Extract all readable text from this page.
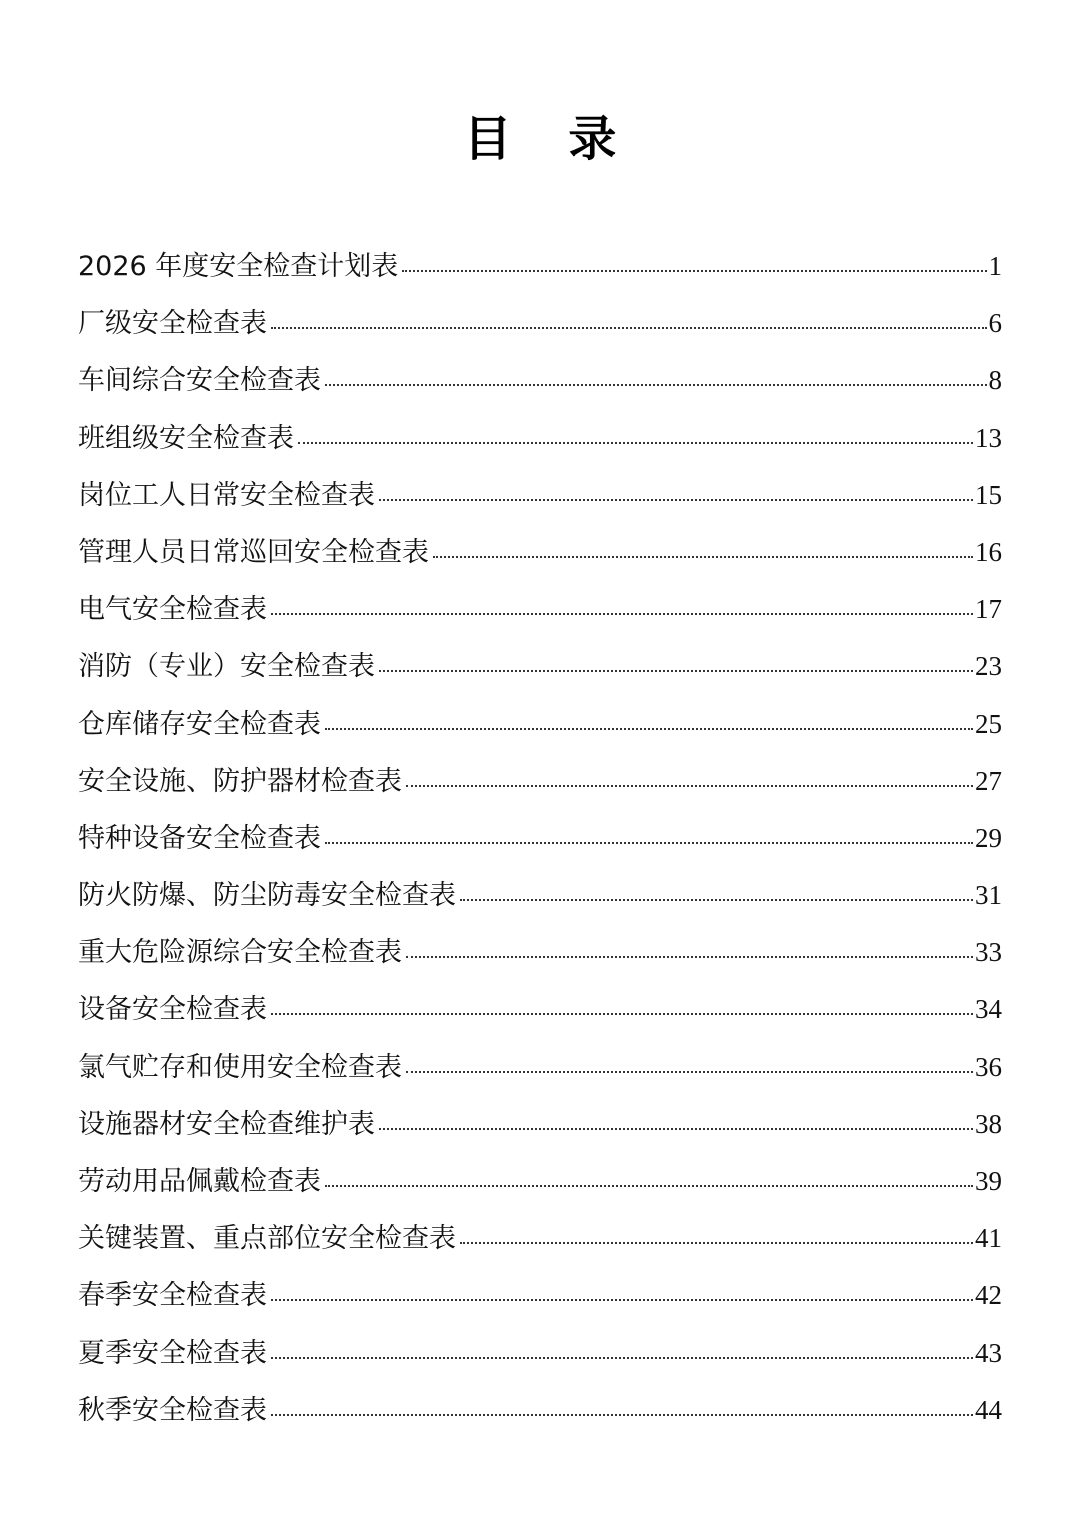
目 录
2026 年度安全检查计划表	1
厂级安全检查表	6
车间综合安全检查表	8
班组级安全检查表	13
岗位工人日常安全检查表	15
管理人员日常巡回安全检查表	16
电气安全检查表	17
消防（专业）安全检查表	23
仓库储存安全检查表	25
安全设施、防护器材检查表	27
特种设备安全检查表	29
防火防爆、防尘防毒安全检查表	31
重大危险源综合安全检查表	33
设备安全检查表	34
氯气贮存和使用安全检查表	36
设施器材安全检查维护表	38
劳动用品佩戴检查表	39
关键装置、重点部位安全检查表	41
春季安全检查表	42
夏季安全检查表	43
秋季安全检查表	44
